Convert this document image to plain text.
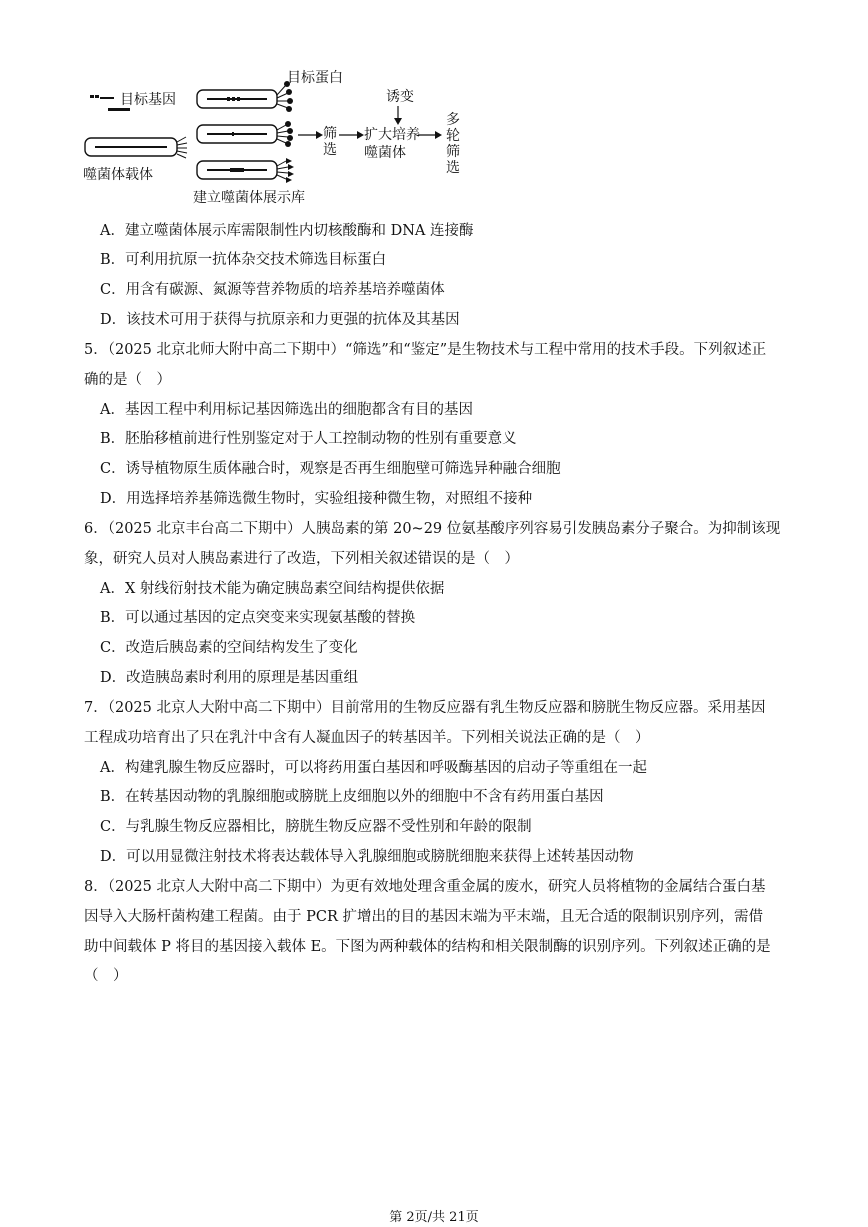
目标基因
目标蛋白
噬菌体载体
建立噬菌体展示库
筛选
诱变
扩大培养
噬菌体
多轮筛选
A．建立噬菌体展示库需限制性内切核酸酶和 DNA 连接酶
B．可利用抗原一抗体杂交技术筛选目标蛋白
C．用含有碳源、氮源等营养物质的培养基培养噬菌体
D．该技术可用于获得与抗原亲和力更强的抗体及其基因
5．（2025 北京北师大附中高二下期中）“筛选”和“鉴定”是生物技术与工程中常用的技术手段。下列叙述正
确的是（　）
A．基因工程中利用标记基因筛选出的细胞都含有目的基因
B．胚胎移植前进行性别鉴定对于人工控制动物的性别有重要意义
C．诱导植物原生质体融合时，观察是否再生细胞壁可筛选异种融合细胞
D．用选择培养基筛选微生物时，实验组接种微生物，对照组不接种
6．（2025 北京丰台高二下期中）人胰岛素的第 20~29 位氨基酸序列容易引发胰岛素分子聚合。为抑制该现
象，研究人员对人胰岛素进行了改造，下列相关叙述错误的是（　）
A．X 射线衍射技术能为确定胰岛素空间结构提供依据
B．可以通过基因的定点突变来实现氨基酸的替换
C．改造后胰岛素的空间结构发生了变化
D．改造胰岛素时利用的原理是基因重组
7．（2025 北京人大附中高二下期中）目前常用的生物反应器有乳生物反应器和膀胱生物反应器。采用基因
工程成功培育出了只在乳汁中含有人凝血因子的转基因羊。下列相关说法正确的是（　）
A．构建乳腺生物反应器时，可以将药用蛋白基因和呼吸酶基因的启动子等重组在一起
B．在转基因动物的乳腺细胞或膀胱上皮细胞以外的细胞中不含有药用蛋白基因
C．与乳腺生物反应器相比，膀胱生物反应器不受性别和年龄的限制
D．可以用显微注射技术将表达载体导入乳腺细胞或膀胱细胞来获得上述转基因动物
8．（2025 北京人大附中高二下期中）为更有效地处理含重金属的废水，研究人员将植物的金属结合蛋白基
因导入大肠杆菌构建工程菌。由于 PCR 扩增出的目的基因末端为平末端，且无合适的限制识别序列，需借
助中间载体 P 将目的基因接入载体 E。下图为两种载体的结构和相关限制酶的识别序列。下列叙述正确的是
（　）
第 2页/共 21页
